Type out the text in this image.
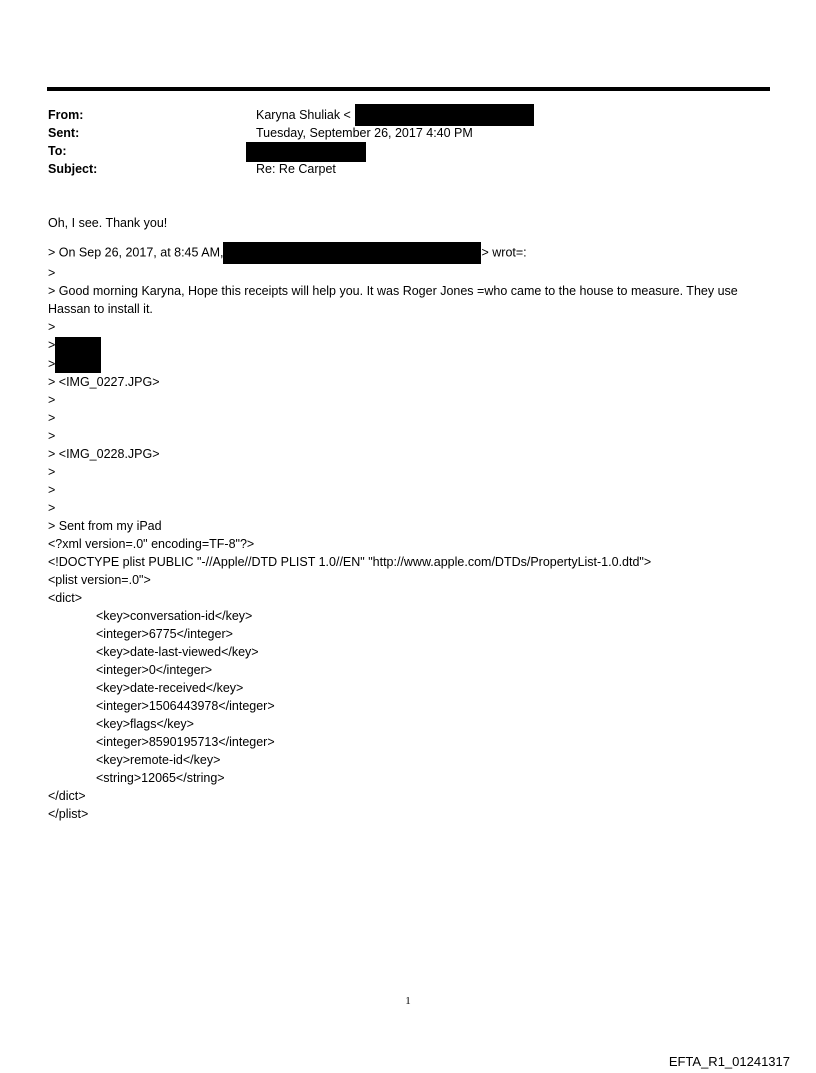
From:	Karyna Shuliak <
Sent:	Tuesday, September 26, 2017 4:40 PM
To:
Subject:	Re: Re Carpet
Oh, I see. Thank you!
> On Sep 26, 2017, at 8:45 AM,	> wrot=:
>
> Good morning Karyna, Hope this receipts will help you. It was Roger Jones =who came to the house to measure. They use Hassan to install it.
>
>
>
> <IMG_0227.JPG>
>
>
>
> <IMG_0228.JPG>
>
>
>
> Sent from my iPad
<?xml version=.0" encoding=TF-8"?>
<!DOCTYPE plist PUBLIC "-//Apple//DTD PLIST 1.0//EN" "http://www.apple.com/DTDs/PropertyList-1.0.dtd">
<plist version=.0">
<dict>
<key>conversation-id</key>
<integer>6775</integer>
<key>date-last-viewed</key>
<integer>0</integer>
<key>date-received</key>
<integer>1506443978</integer>
<key>flags</key>
<integer>8590195713</integer>
<key>remote-id</key>
<string>12065</string>
</dict>
</plist>
1
EFTA_R1_01241317
